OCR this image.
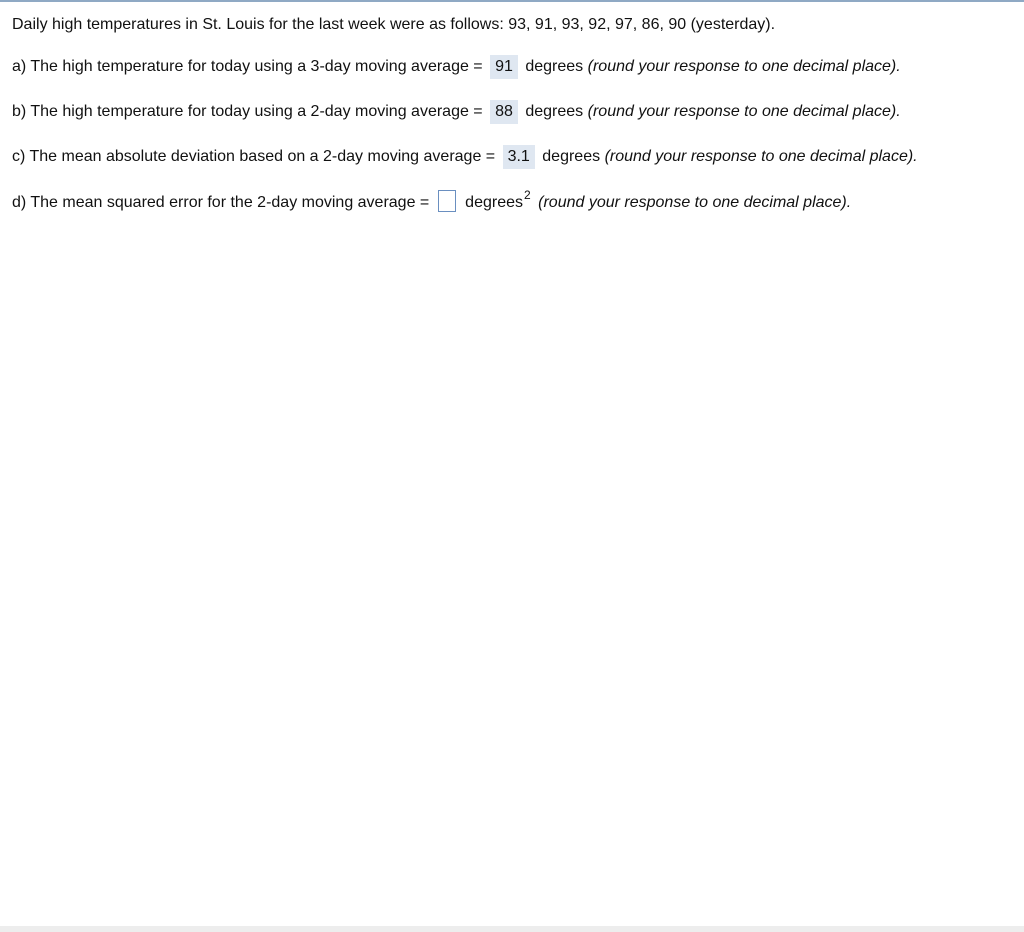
Daily high temperatures in St. Louis for the last week were as follows: 93, 91, 93, 92, 97, 86, 90 (yesterday).
a) The high temperature for today using a 3-day moving average = 91 degrees (round your response to one decimal place).
b) The high temperature for today using a 2-day moving average = 88 degrees (round your response to one decimal place).
c) The mean absolute deviation based on a 2-day moving average = 3.1 degrees (round your response to one decimal place).
d) The mean squared error for the 2-day moving average = degrees$^2$ (round your response to one decimal place).
